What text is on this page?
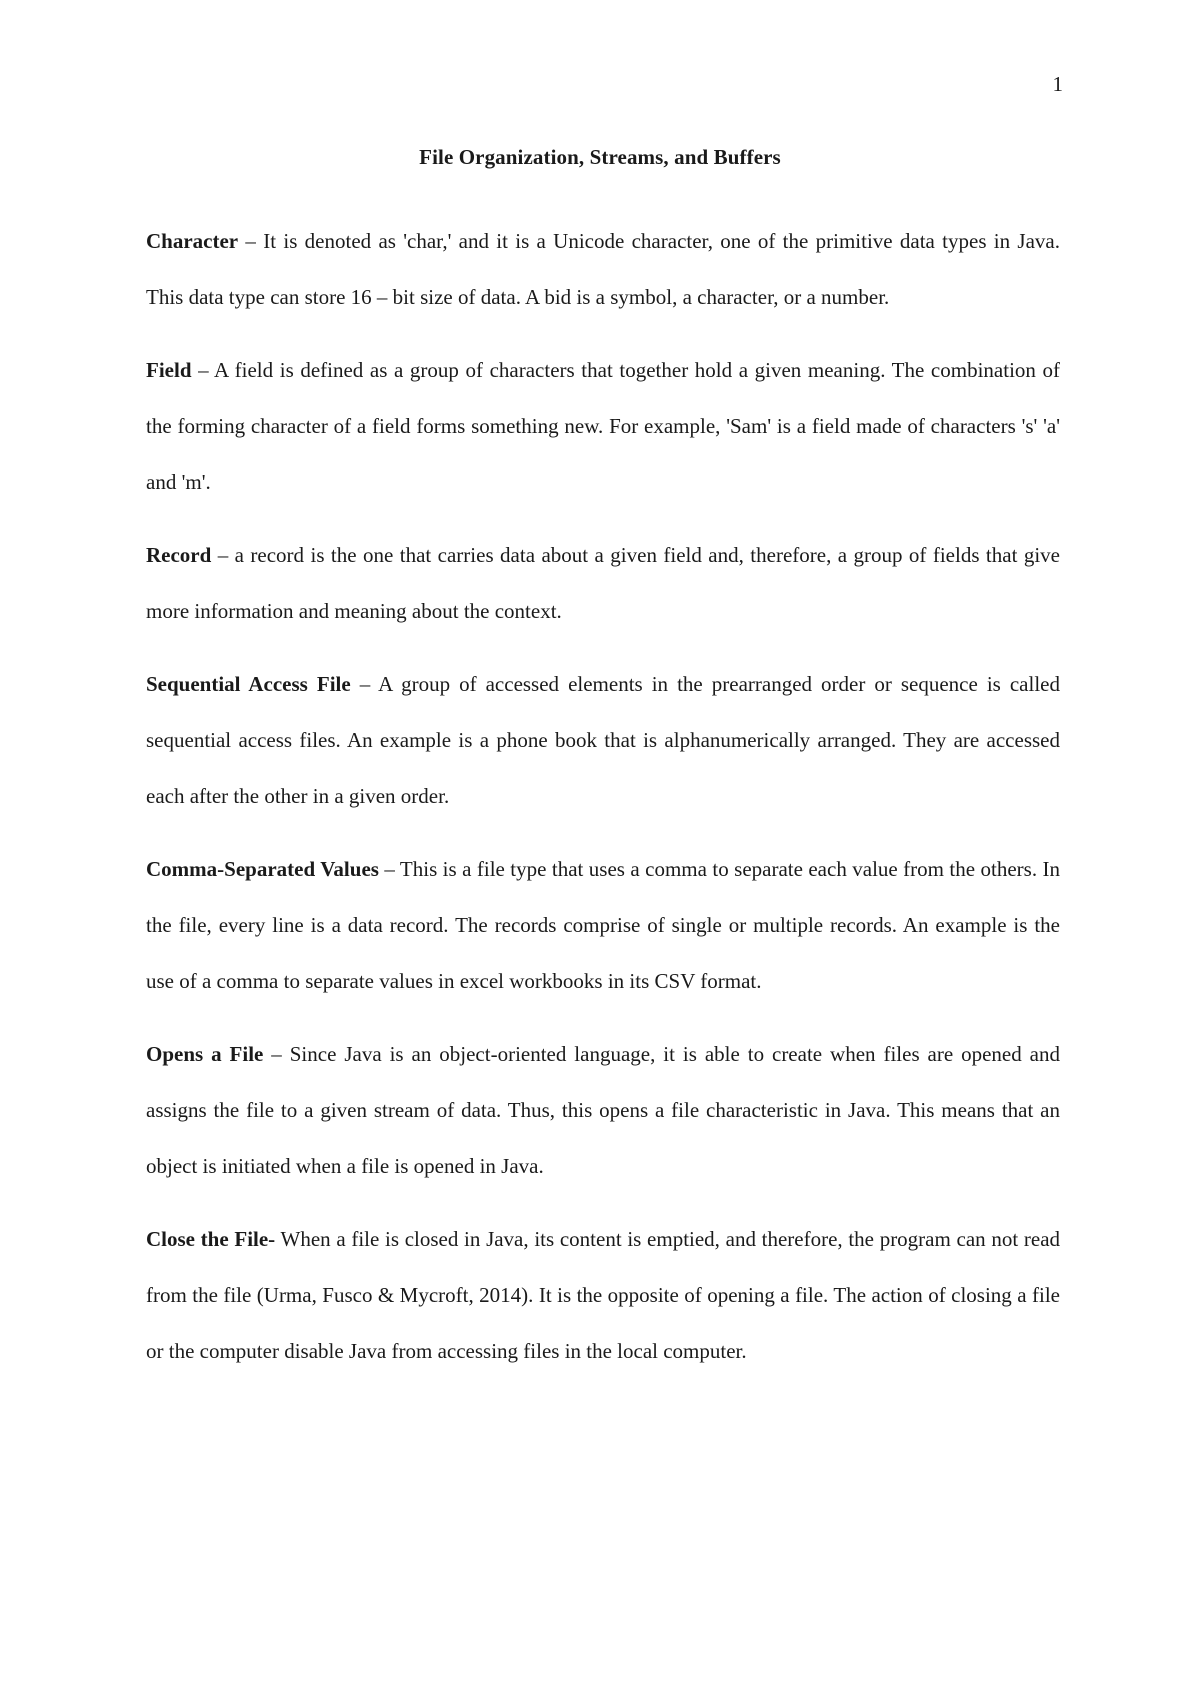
1
File Organization, Streams, and Buffers

Character – It is denoted as 'char,' and it is a Unicode character, one of the primitive data types in Java. This data type can store 16 – bit size of data. A bid is a symbol, a character, or a number.

Field – A field is defined as a group of characters that together hold a given meaning. The combination of the forming character of a field forms something new. For example, 'Sam' is a field made of characters 's' 'a' and 'm'.

Record – a record is the one that carries data about a given field and, therefore, a group of fields that give more information and meaning about the context.

Sequential Access File – A group of accessed elements in the prearranged order or sequence is called sequential access files. An example is a phone book that is alphanumerically arranged. They are accessed each after the other in a given order.

Comma-Separated Values – This is a file type that uses a comma to separate each value from the others. In the file, every line is a data record. The records comprise of single or multiple records. An example is the use of a comma to separate values in excel workbooks in its CSV format.

Opens a File – Since Java is an object-oriented language, it is able to create when files are opened and assigns the file to a given stream of data. Thus, this opens a file characteristic in Java. This means that an object is initiated when a file is opened in Java.

Close the File- When a file is closed in Java, its content is emptied, and therefore, the program can not read from the file (Urma, Fusco & Mycroft, 2014). It is the opposite of opening a file. The action of closing a file or the computer disable Java from accessing files in the local computer.
